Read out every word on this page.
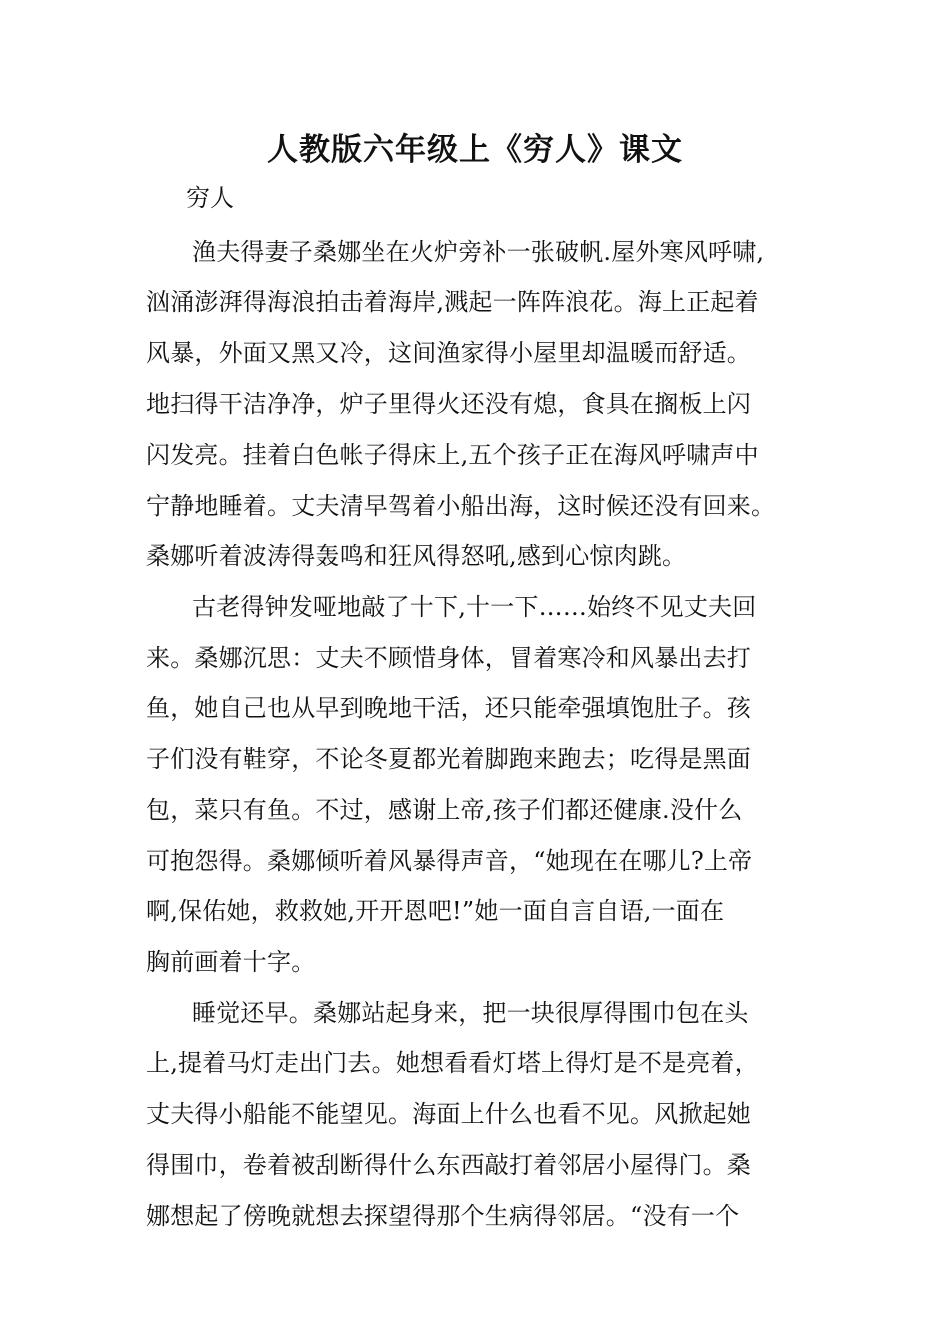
人教版六年级上《穷人》课文
穷人
渔夫得妻子桑娜坐在火炉旁补一张破帆.屋外寒风呼啸,
汹涌澎湃得海浪拍击着海岸,溅起一阵阵浪花。海上正起着
风暴，外面又黑又冷，这间渔家得小屋里却温暖而舒适。
地扫得干洁净净，炉子里得火还没有熄，食具在搁板上闪
闪发亮。挂着白色帐子得床上,五个孩子正在海风呼啸声中
宁静地睡着。丈夫清早驾着小船出海，这时候还没有回来。
桑娜听着波涛得轰鸣和狂风得怒吼,感到心惊肉跳。
古老得钟发哑地敲了十下,十一下……始终不见丈夫回
来。桑娜沉思：丈夫不顾惜身体，冒着寒冷和风暴出去打
鱼，她自己也从早到晚地干活，还只能牵强填饱肚子。孩
子们没有鞋穿，不论冬夏都光着脚跑来跑去；吃得是黑面
包，菜只有鱼。不过，感谢上帝,孩子们都还健康.没什么
可抱怨得。桑娜倾听着风暴得声音，“她现在在哪儿?上帝
啊,保佑她，救救她,开开恩吧!”她一面自言自语,一面在
胸前画着十字。
睡觉还早。桑娜站起身来，把一块很厚得围巾包在头
上,提着马灯走出门去。她想看看灯塔上得灯是不是亮着，
丈夫得小船能不能望见。海面上什么也看不见。风掀起她
得围巾，卷着被刮断得什么东西敲打着邻居小屋得门。桑
娜想起了傍晚就想去探望得那个生病得邻居。“没有一个
